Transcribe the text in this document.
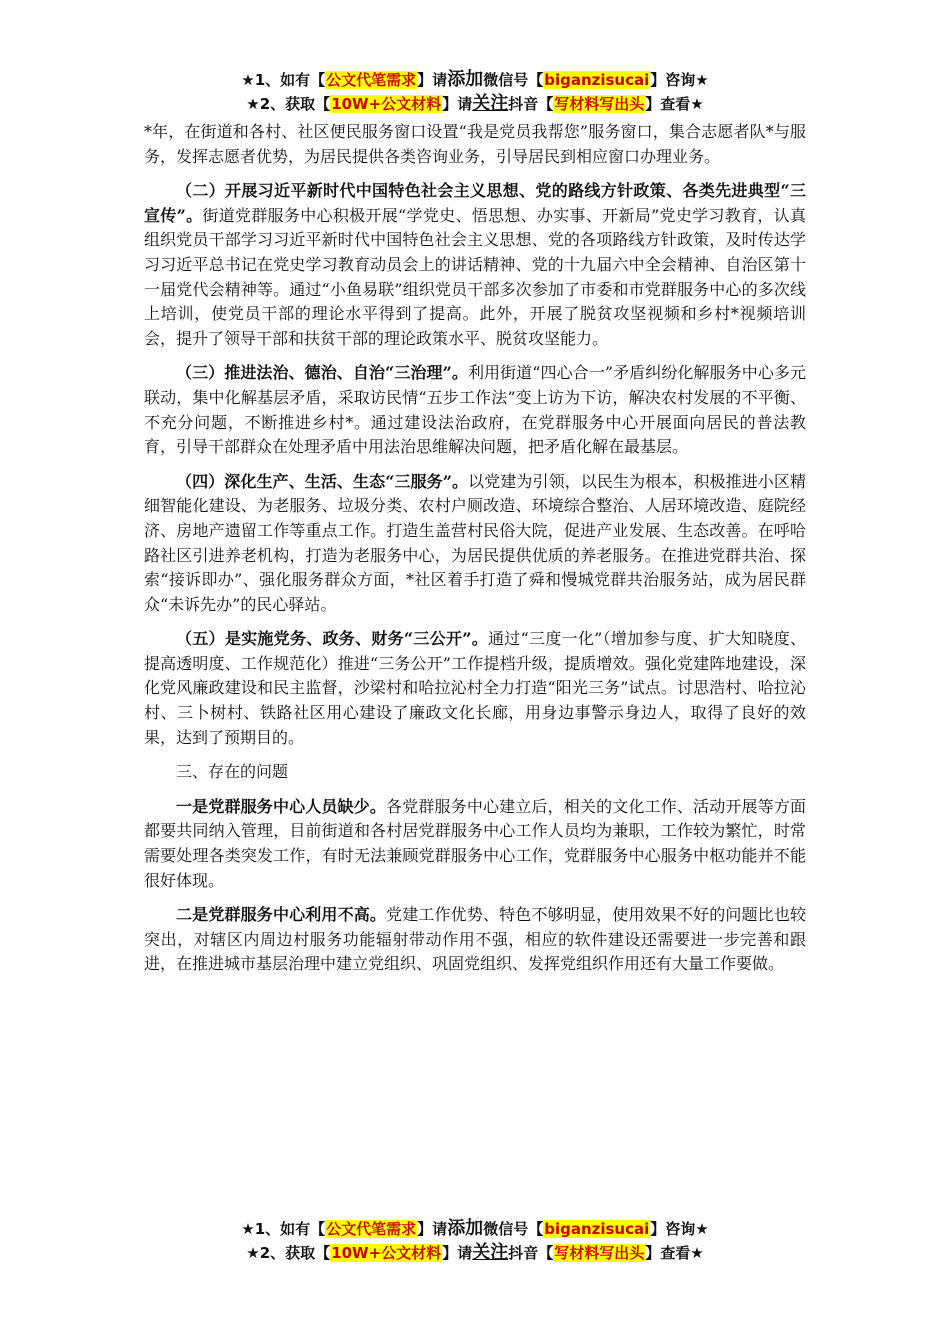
★1、如有【公文代笔需求】请添加微信号【biganzisucai】咨询★
★2、获取【10W+公文材料】请关注抖音【写材料写出头】查看★

*年，在街道和各村、社区便民服务窗口设置“我是党员我帮您”服务窗口，集合志愿者队*与服务，发挥志愿者优势，为居民提供各类咨询业务，引导居民到相应窗口办理业务。

（二）开展习近平新时代中国特色社会主义思想、党的路线方针政策、各类先进典型“三宣传”。街道党群服务中心积极开展“学党史、悟思想、办实事、开新局”党史学习教育，认真组织党员干部学习习近平新时代中国特色社会主义思想、党的各项路线方针政策，及时传达学习习近平总书记在党史学习教育动员会上的讲话精神、党的十九届六中全会精神、自治区第十一届党代会精神等。通过“小鱼易联”组织党员干部多次参加了市委和市党群服务中心的多次线上培训，使党员干部的理论水平得到了提高。此外，开展了脱贫攻坚视频和乡村*视频培训会，提升了领导干部和扶贫干部的理论政策水平、脱贫攻坚能力。

（三）推进法治、德治、自治“三治理”。利用街道“四心合一”矛盾纠纷化解服务中心多元联动，集中化解基层矛盾，采取访民情“五步工作法”变上访为下访，解决农村发展的不平衡、不充分问题，不断推进乡村*。通过建设法治政府，在党群服务中心开展面向居民的普法教育，引导干部群众在处理矛盾中用法治思维解决问题，把矛盾化解在最基层。

（四）深化生产、生活、生态“三服务”。以党建为引领，以民生为根本，积极推进小区精细智能化建设、为老服务、垃圾分类、农村户厕改造、环境综合整治、人居环境改造、庭院经济、房地产遗留工作等重点工作。打造生盖营村民俗大院，促进产业发展、生态改善。在呼哈路社区引进养老机构，打造为老服务中心，为居民提供优质的养老服务。在推进党群共治、探索“接诉即办”、强化服务群众方面，*社区着手打造了舜和慢城党群共治服务站，成为居民群众“未诉先办”的民心驿站。

（五）是实施党务、政务、财务“三公开”。通过“三度一化”（增加参与度、扩大知晓度、提高透明度、工作规范化）推进“三务公开”工作提档升级，提质增效。强化党建阵地建设，深化党风廉政建设和民主监督，沙梁村和哈拉沁村全力打造“阳光三务”试点。讨思浩村、哈拉沁村、三卜树村、铁路社区用心建设了廉政文化长廊，用身边事警示身边人，取得了良好的效果，达到了预期目的。

三、存在的问题

一是党群服务中心人员缺少。各党群服务中心建立后，相关的文化工作、活动开展等方面都要共同纳入管理，目前街道和各村居党群服务中心工作人员均为兼职，工作较为繁忙，时常需要处理各类突发工作，有时无法兼顾党群服务中心工作，党群服务中心服务中枢功能并不能很好体现。

二是党群服务中心利用不高。党建工作优势、特色不够明显，使用效果不好的问题比也较突出，对辖区内周边村服务功能辐射带动作用不强，相应的软件建设还需要进一步完善和跟进，在推进城市基层治理中建立党组织、巩固党组织、发挥党组织作用还有大量工作要做。

★1、如有【公文代笔需求】请添加微信号【biganzisucai】咨询★
★2、获取【10W+公文材料】请关注抖音【写材料写出头】查看★
